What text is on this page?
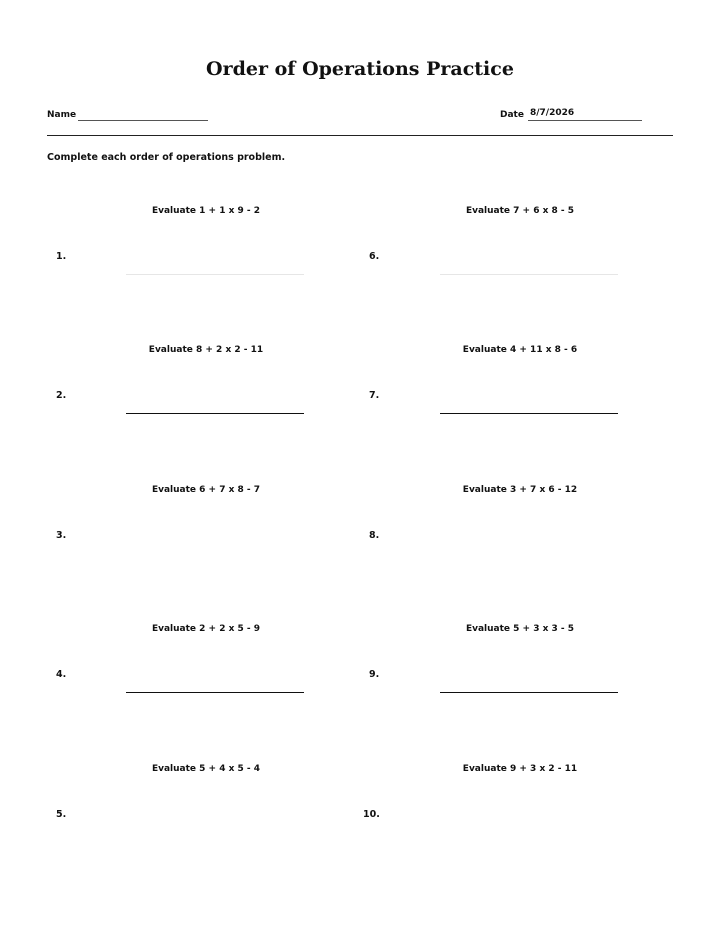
Order of Operations Practice
Name	Date 8/7/2026
Complete each order of operations problem.
Evaluate 1 + 1 x 9 - 2
1.
Evaluate 8 + 2 x 2 - 11
2.
Evaluate 6 + 7 x 8 - 7
3.
Evaluate 2 + 2 x 5 - 9
4.
Evaluate 5 + 4 x 5 - 4
5.
Evaluate 7 + 6 x 8 - 5
6.
Evaluate 4 + 11 x 8 - 6
7.
Evaluate 3 + 7 x 6 - 12
8.
Evaluate 5 + 3 x 3 - 5
9.
Evaluate 9 + 3 x 2 - 11
10.
